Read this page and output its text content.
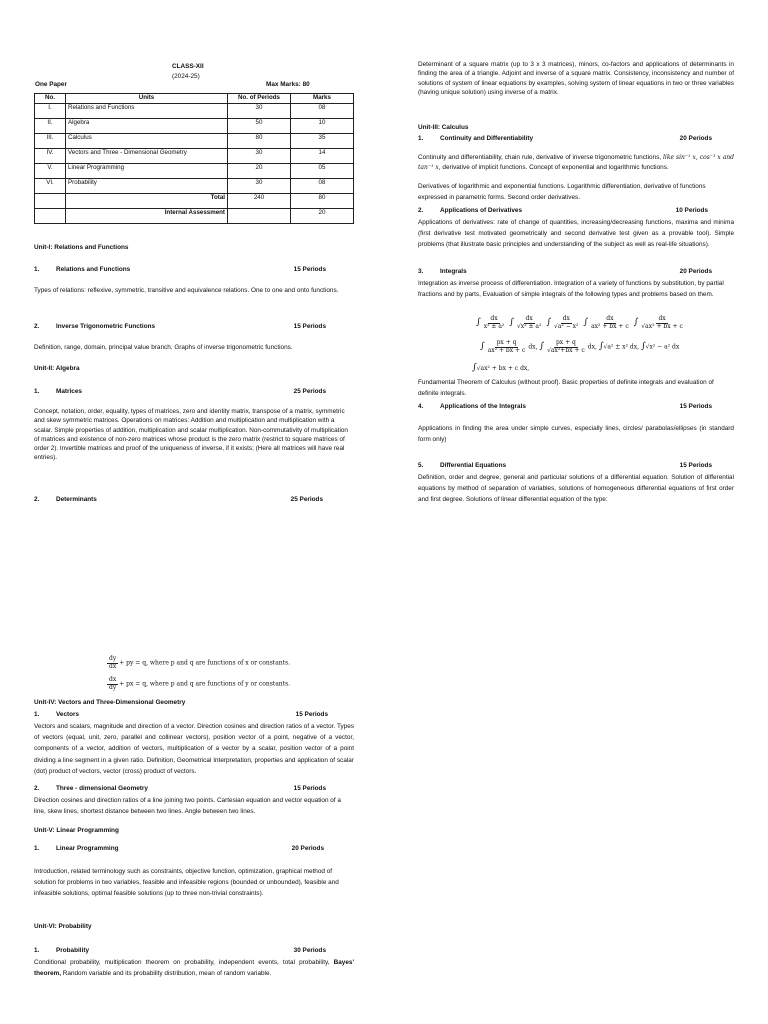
CLASS-XII
(2024-25)
One Paper	Max Marks: 80
No.	Units	No. of Periods	Marks
I.	Relations and Functions	30	08
II.	Algebra	50	10
III.	Calculus	80	35
IV.	Vectors and Three - Dimensional Geometry	30	14
V.	Linear Programming	20	05
VI.	Probability	30	08
	Total	240	80
	Internal Assessment		20
Unit-I: Relations and Functions
1.	Relations and Functions	15 Periods

Types of relations: reflexive, symmetric, transitive and equivalence relations. One to one and onto functions.

2.	Inverse Trigonometric Functions	15 Periods

Definition, range, domain, principal value branch. Graphs of inverse trigonometric functions.

Unit-II: Algebra
1.	Matrices	25 Periods

Concept, notation, order, equality, types of matrices, zero and identity matrix, transpose of a matrix, symmetric and skew symmetric matrices. Operations on matrices: Addition and multiplication and multiplication with a scalar. Simple properties of addition, multiplication and scalar multiplication. Non-commutativity of multiplication of matrices and existence of non-zero matrices whose product is the zero matrix (restrict to square matrices of order 2). Invertible matrices and proof of the uniqueness of inverse, if it exists; (Here all matrices will have real entries).

2.	Determinants	25 Periods

Determinant of a square matrix (up to 3 x 3 matrices), minors, co-factors and applications of determinants in finding the area of a triangle. Adjoint and inverse of a square matrix. Consistency, inconsistency and number of solutions of system of linear equations by examples, solving system of linear equations in two or three variables (having unique solution) using inverse of a matrix.

Unit-III: Calculus
1.	Continuity and Differentiability	20 Periods

Continuity and differentiability, chain rule, derivative of inverse trigonometric functions, like sin⁻¹ x, cos⁻¹ x and tan⁻¹ x, derivative of implicit functions. Concept of exponential and logarithmic functions.

Derivatives of logarithmic and exponential functions. Logarithmic differentiation, derivative of functions expressed in parametric forms. Second order derivatives.

2.	Applications of Derivatives	10 Periods

Applications of derivatives: rate of change of quantities, increasing/decreasing functions, maxima and minima (first derivative test motivated geometrically and second derivative test given as a provable tool). Simple problems (that illustrate basic principles and understanding of the subject as well as real-life situations).

3.	Integrals	20 Periods

Integration as inverse process of differentiation. Integration of a variety of functions by substitution, by partial fractions and by parts, Evaluation of simple integrals of the following types and problems based on them.

∫ $\frac{dx}{\text{x² ± a²}}$ ∫ $\frac{dx}{\text{√x² ± a²}}$ ∫ $\frac{dx}{\text{√a² − x²}}$ ∫ $\frac{dx}{\text{ax² + bx + c}}$ ∫ $\frac{dx}{\text{√ax² + bx + c}}$
∫ $\frac{px + q}{\text{ax² + bx + c}}$ dx, ∫ $\frac{px + q}{\text{√ax²+bx + c}}$ dx, ∫√a² ± x² dx, ∫√x² − a² dx
∫√ax² + bx + c dx,

Fundamental Theorem of Calculus (without proof). Basic properties of definite integrals and evaluation of definite integrals.

4.	Applications of the Integrals	15 Periods

Applications in finding the area under simple curves, especially lines, circles/ parabolas/ellipses (in standard form only)

5.	Differential Equations	15 Periods

Definition, order and degree, general and particular solutions of a differential equation. Solution of differential equations by method of separation of variables, solutions of homogeneous differential equations of first order and first degree. Solutions of linear differential equation of the type:

$\frac{dy}{dx}$ + py = q, where p and q are functions of x or constants.
$\frac{dx}{dy}$ + px = q, where p and q are functions of y or constants.
Unit-IV: Vectors and Three-Dimensional Geometry
1.	Vectors	15 Periods

Vectors and scalars, magnitude and direction of a vector. Direction cosines and direction ratios of a vector. Types of vectors (equal, unit, zero, parallel and collinear vectors), position vector of a point, negative of a vector, components of a vector, addition of vectors, multiplication of a vector by a scalar, position vector of a point dividing a line segment in a given ratio. Definition, Geometrical Interpretation, properties and application of scalar (dot) product of vectors, vector (cross) product of vectors.

2.	Three - dimensional Geometry	15 Periods

Direction cosines and direction ratios of a line joining two points. Cartesian equation and vector equation of a line, skew lines, shortest distance between two lines. Angle between two lines.

Unit-V: Linear Programming
1.	Linear Programming	20 Periods

Introduction, related terminology such as constraints, objective function, optimization, graphical method of solution for problems in two variables, feasible and infeasible regions (bounded or unbounded), feasible and infeasible solutions, optimal feasible solutions (up to three non-trivial constraints).

Unit-VI: Probability
1.	Probability	30 Periods

Conditional probability, multiplication theorem on probability, independent events, total probability, Bayes' theorem, Random variable and its probability distribution, mean of random variable.
